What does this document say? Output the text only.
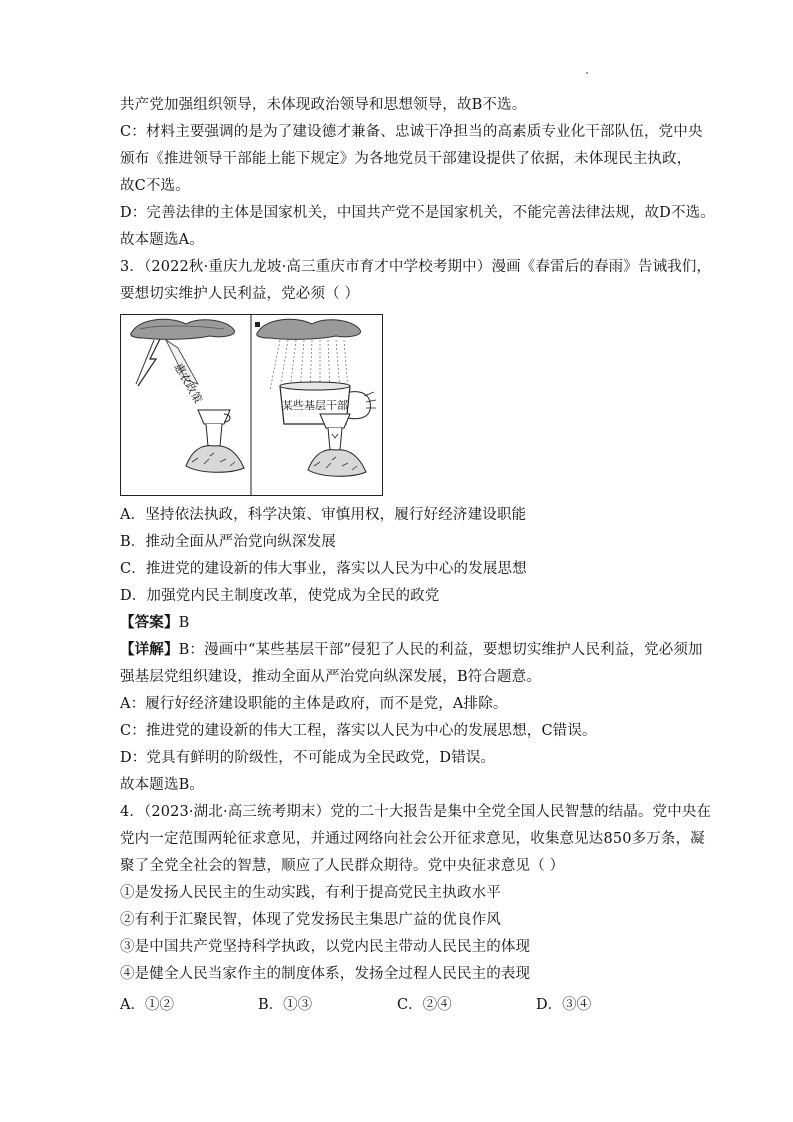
共产党加强组织领导，未体现政治领导和思想领导，故B不选。
C：材料主要强调的是为了建设德才兼备、忠诚干净担当的高素质专业化干部队伍，党中央
颁布《推进领导干部能上能下规定》为各地党员干部建设提供了依据，未体现民主执政，
故C不选。
D：完善法律的主体是国家机关，中国共产党不是国家机关，不能完善法律法规，故D不选。
故本题选A。
3．（2022秋·重庆九龙坡·高三重庆市育才中学校考期中）漫画《春雷后的春雨》告诫我们，
要想切实维护人民利益，党必须（ ）
惠农政策	某些基层干部
A．坚持依法执政，科学决策、审慎用权，履行好经济建设职能
B．推动全面从严治党向纵深发展
C．推进党的建设新的伟大事业，落实以人民为中心的发展思想
D．加强党内民主制度改革，使党成为全民的政党
【答案】B
【详解】B：漫画中“某些基层干部”侵犯了人民的利益，要想切实维护人民利益，党必须加
强基层党组织建设，推动全面从严治党向纵深发展，B符合题意。
A：履行好经济建设职能的主体是政府，而不是党，A排除。
C：推进党的建设新的伟大工程，落实以人民为中心的发展思想，C错误。
D：党具有鲜明的阶级性，不可能成为全民政党，D错误。
故本题选B。
4．（2023·湖北·高三统考期末）党的二十大报告是集中全党全国人民智慧的结晶。党中央在
党内一定范围两轮征求意见，并通过网络向社会公开征求意见，收集意见达850多万条，凝
聚了全党全社会的智慧，顺应了人民群众期待。党中央征求意见（ ）
①是发扬人民民主的生动实践，有利于提高党民主执政水平
②有利于汇聚民智，体现了党发扬民主集思广益的优良作风
③是中国共产党坚持科学执政，以党内民主带动人民民主的体现
④是健全人民当家作主的制度体系，发扬全过程人民民主的表现
A．①②	B．①③	C．②④	D．③④
